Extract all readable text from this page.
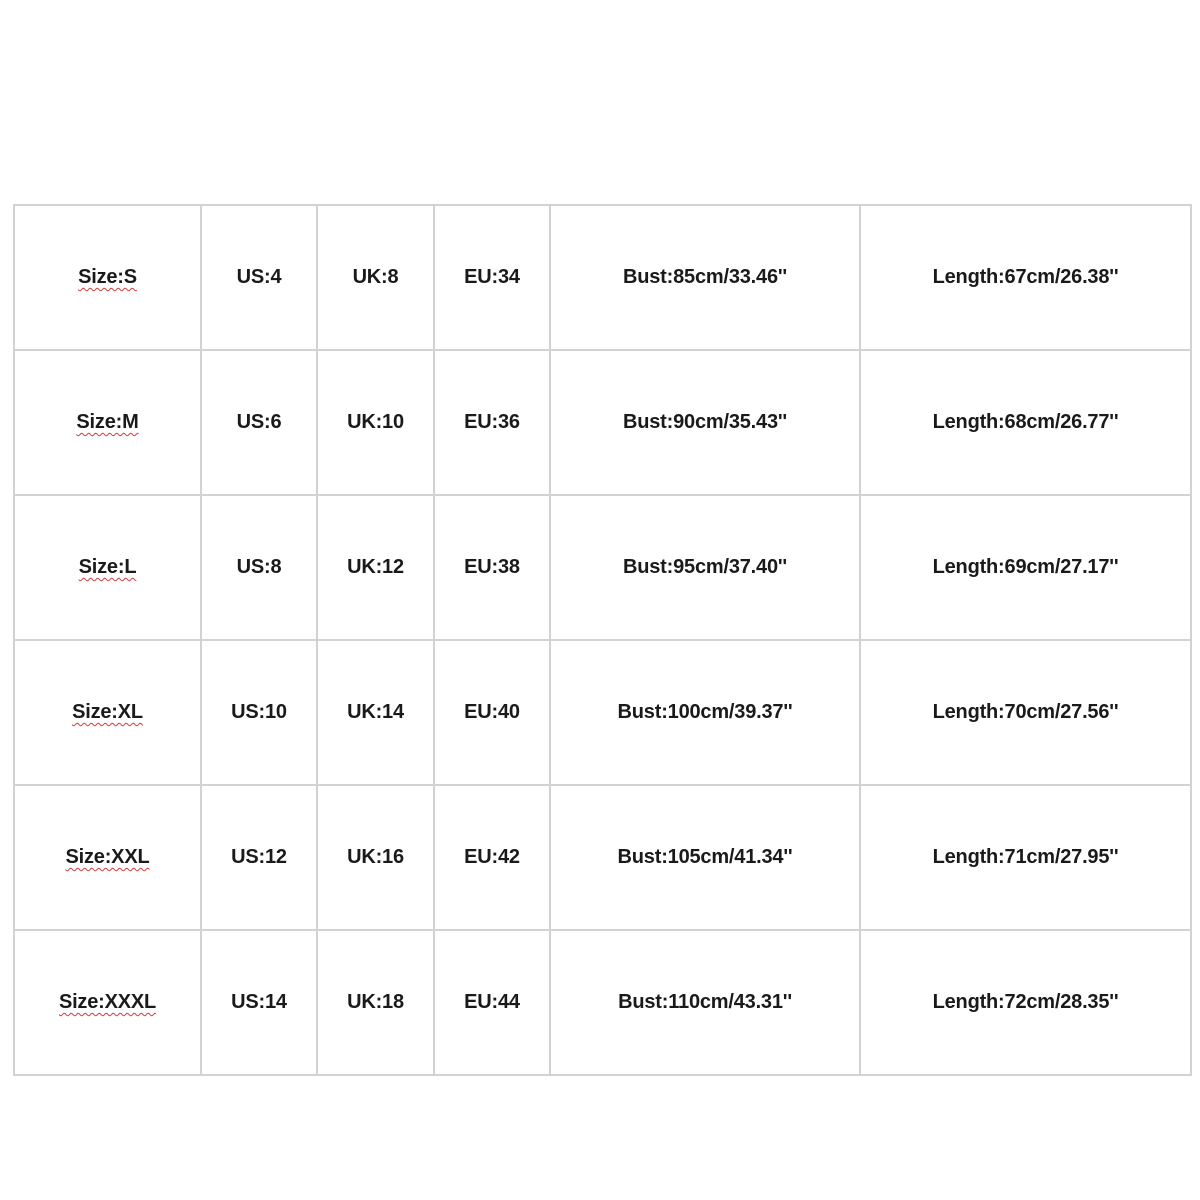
Size:S	US:4	UK:8	EU:34	Bust:85cm/33.46''	Length:67cm/26.38''
Size:M	US:6	UK:10	EU:36	Bust:90cm/35.43''	Length:68cm/26.77''
Size:L	US:8	UK:12	EU:38	Bust:95cm/37.40''	Length:69cm/27.17''
Size:XL	US:10	UK:14	EU:40	Bust:100cm/39.37''	Length:70cm/27.56''
Size:XXL	US:12	UK:16	EU:42	Bust:105cm/41.34''	Length:71cm/27.95''
Size:XXXL	US:14	UK:18	EU:44	Bust:110cm/43.31''	Length:72cm/28.35''
